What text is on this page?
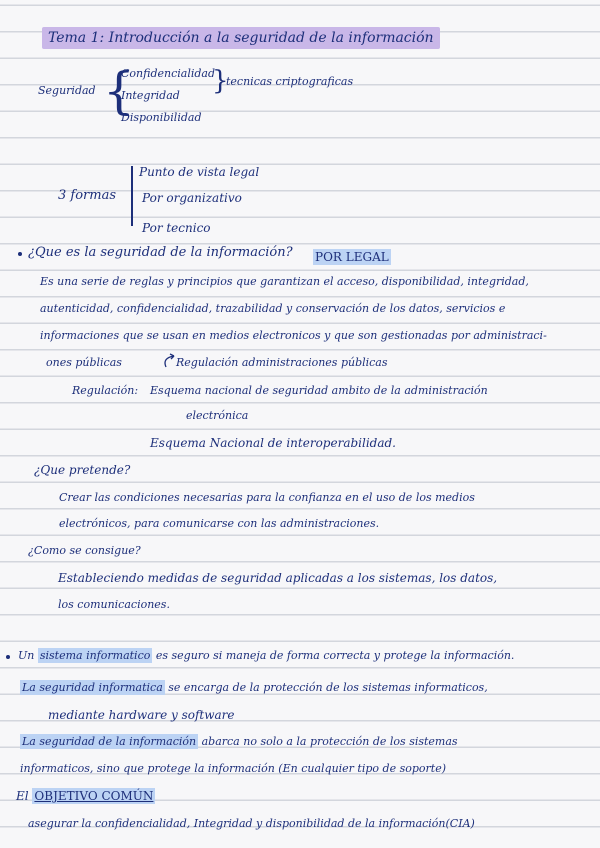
Tema 1: Introducción a la seguridad de la información
Seguridad {
Confidencialidad
Integridad
Disponibilidad
}
tecnicas criptograficas
3 formas
Punto de vista legal
Por organizativo
Por tecnico
¿Que es la seguridad de la información? POR LEGAL
Es una serie de reglas y principios que garantizan el acceso, disponibilidad, integridad,
autenticidad, confidencialidad, trazabilidad y conservación de los datos, servicios e
informaciones que se usan en medios electronicos y que son gestionadas por administraci-
ones públicas	Regulación administraciones públicas
Regulación: Esquema nacional de seguridad ambito de la administración
electrónica
Esquema Nacional de interoperabilidad.
¿Que pretende?
Crear las condiciones necesarias para la confianza en el uso de los medios
electrónicos, para comunicarse con las administraciones.
¿Como se consigue?
Estableciendo medidas de seguridad aplicadas a los sistemas, los datos,
los comunicaciones.
Un sistema informatico es seguro si maneja de forma correcta y protege la información.
La seguridad informatica se encarga de la protección de los sistemas informaticos,
mediante hardware y software
La seguridad de la información abarca no solo a la protección de los sistemas
informaticos, sino que protege la información (En cualquier tipo de soporte)
El OBJETIVO COMÚN
asegurar la confidencialidad, Integridad y disponibilidad de la información(CIA)
